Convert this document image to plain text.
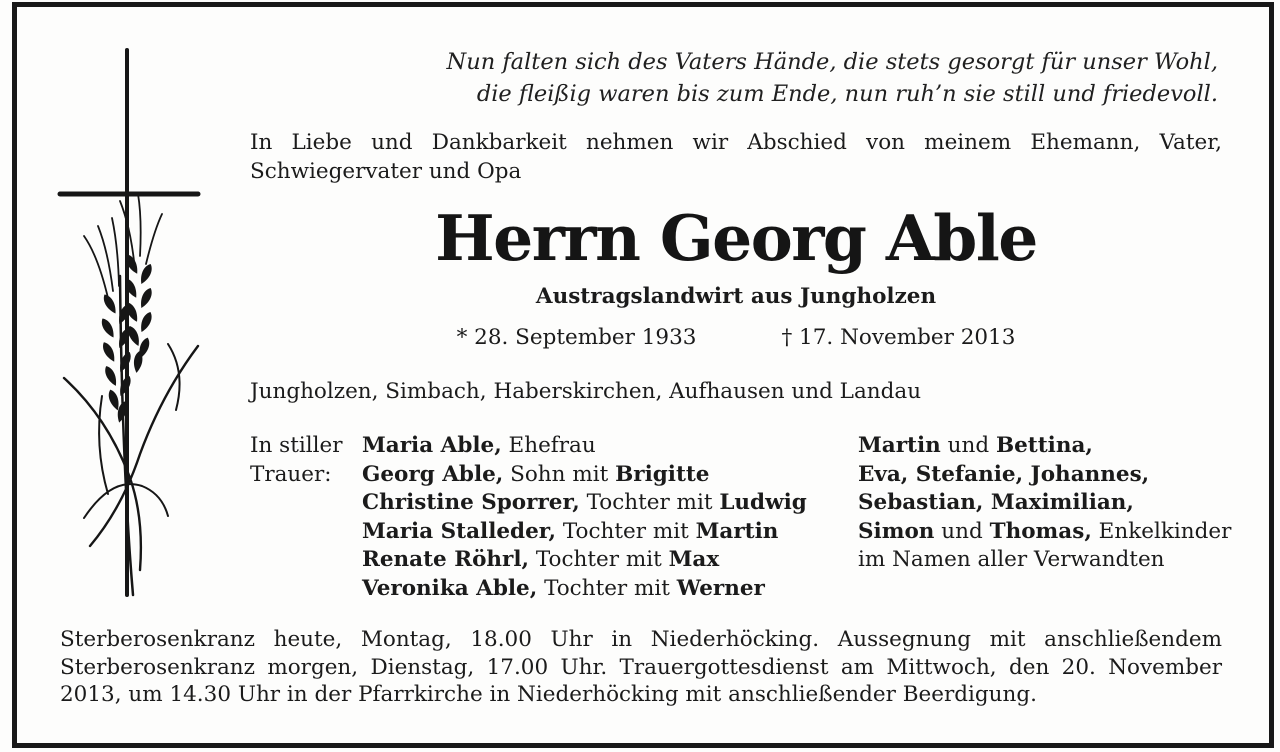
Nun falten sich des Vaters Hände, die stets gesorgt für unser Wohl,
die fleißig waren bis zum Ende, nun ruh’n sie still und friedevoll.
In Liebe und Dankbarkeit nehmen wir Abschied von meinem Ehemann, Vater,
Schwiegervater und Opa
Herrn Georg Able
Austragslandwirt aus Jungholzen
* 28. September 1933	† 17. November 2013
Jungholzen, Simbach, Haberskirchen, Aufhausen und Landau
In stiller
Trauer:
Maria Able, Ehefrau
Georg Able, Sohn mit Brigitte
Christine Sporrer, Tochter mit Ludwig
Maria Stalleder, Tochter mit Martin
Renate Röhrl, Tochter mit Max
Veronika Able, Tochter mit Werner
Martin und Bettina,
Eva, Stefanie, Johannes,
Sebastian, Maximilian,
Simon und Thomas, Enkelkinder
im Namen aller Verwandten
Sterberosenkranz heute, Montag, 18.00 Uhr in Niederhöcking. Aussegnung mit anschließendem
Sterberosenkranz morgen, Dienstag, 17.00 Uhr. Trauergottesdienst am Mittwoch, den 20. November
2013, um 14.30 Uhr in der Pfarrkirche in Niederhöcking mit anschließender Beerdigung.
